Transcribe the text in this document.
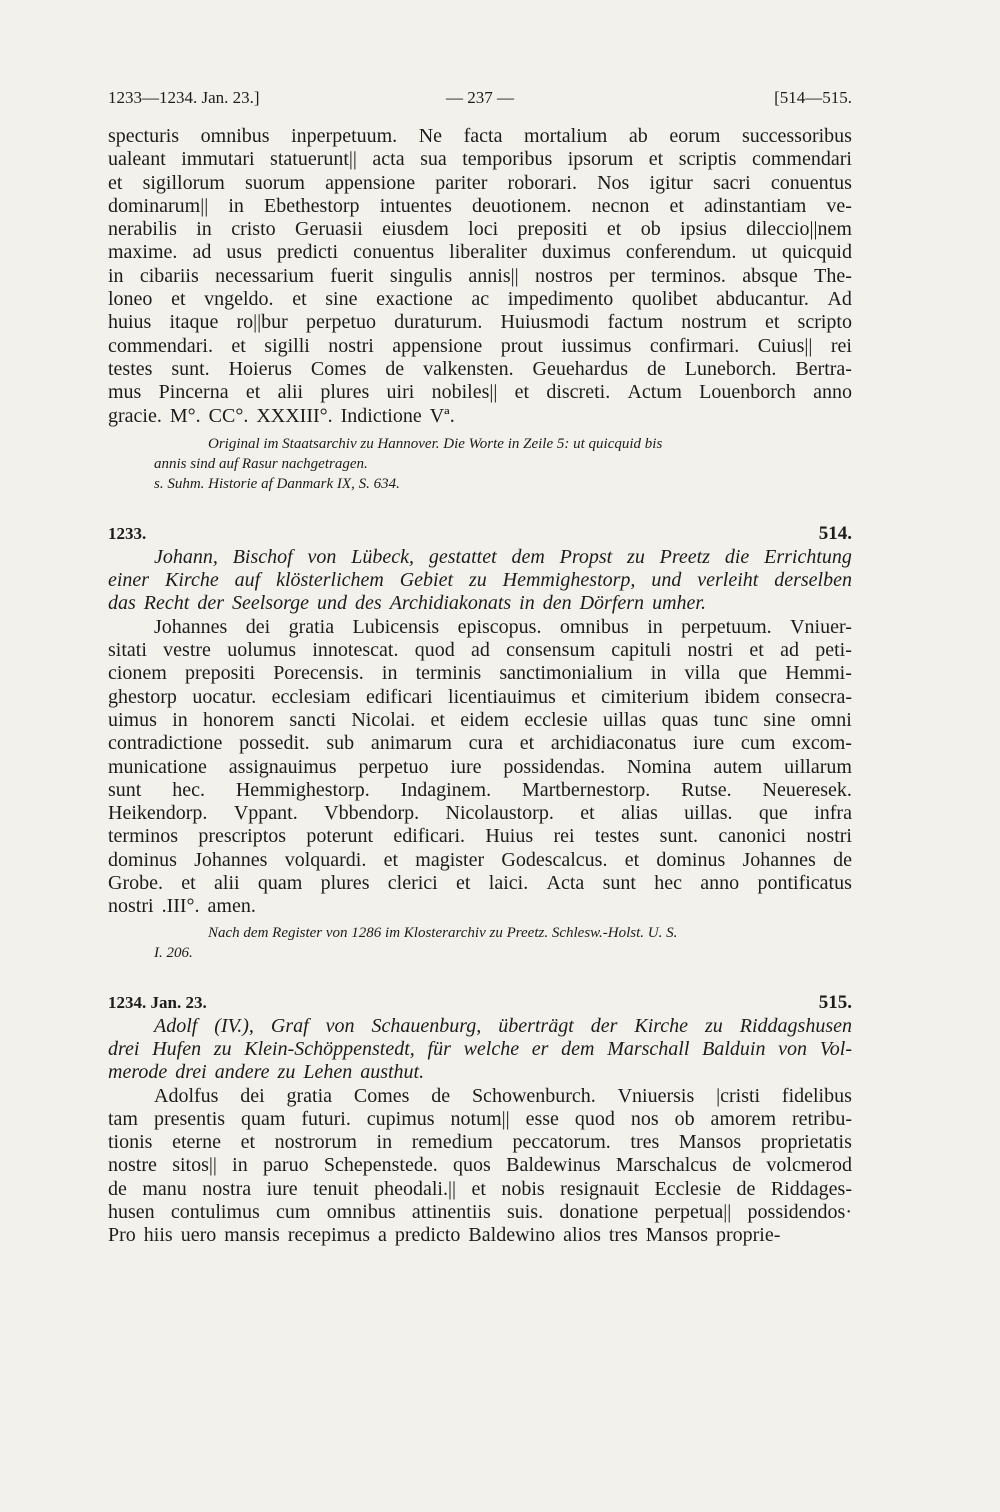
1233—1234. Jan. 23.]	— 237 —	[514—515.
specturis omnibus inperpetuum. Ne facta mortalium ab eorum successoribus
ualeant immutari statuerunt|| acta sua temporibus ipsorum et scriptis commendari
et sigillorum suorum appensione pariter roborari. Nos igitur sacri conuentus
dominarum|| in Ebethestorp intuentes deuotionem. necnon et adinstantiam ve-
nerabilis in cristo Geruasii eiusdem loci prepositi et ob ipsius dileccio||nem
maxime. ad usus predicti conuentus liberaliter duximus conferendum. ut quicquid
in cibariis necessarium fuerit singulis annis|| nostros per terminos. absque The-
loneo et vngeldo. et sine exactione ac impedimento quolibet abducantur. Ad
huius itaque ro||bur perpetuo duraturum. Huiusmodi factum nostrum et scripto
commendari. et sigilli nostri appensione prout iussimus confirmari. Cuius|| rei
testes sunt. Hoierus Comes de valkensten. Geuehardus de Luneborch. Bertra-
mus Pincerna et alii plures uiri nobiles|| et discreti. Actum Louenborch anno
gracie. M°. CC°. XXXIII°. Indictione Vª.
Original im Staatsarchiv zu Hannover. Die Worte in Zeile 5: ut quicquid bis
annis sind auf Rasur nachgetragen.
s. Suhm. Historie af Danmark IX, S. 634.
1233.	514.
Johann, Bischof von Lübeck, gestattet dem Propst zu Preetz die Errichtung
einer Kirche auf klösterlichem Gebiet zu Hemmighestorp, und verleiht derselben
das Recht der Seelsorge und des Archidiakonats in den Dörfern umher.
Johannes dei gratia Lubicensis episcopus. omnibus in perpetuum. Vniuer-
sitati vestre uolumus innotescat. quod ad consensum capituli nostri et ad peti-
cionem prepositi Porecensis. in terminis sanctimonialium in villa que Hemmi-
ghestorp uocatur. ecclesiam edificari licentiauimus et cimiterium ibidem consecra-
uimus in honorem sancti Nicolai. et eidem ecclesie uillas quas tunc sine omni
contradictione possedit. sub animarum cura et archidiaconatus iure cum excom-
municatione assignauimus perpetuo iure possidendas. Nomina autem uillarum
sunt hec. Hemmighestorp. Indaginem. Martbernestorp. Rutse. Neueresek.
Heikendorp. Vppant. Vbbendorp. Nicolaustorp. et alias uillas. que infra
terminos prescriptos poterunt edificari. Huius rei testes sunt. canonici nostri
dominus Johannes volquardi. et magister Godescalcus. et dominus Johannes de
Grobe. et alii quam plures clerici et laici. Acta sunt hec anno pontificatus
nostri .III°. amen.
Nach dem Register von 1286 im Klosterarchiv zu Preetz. Schlesw.-Holst. U. S.
I. 206.
1234. Jan. 23.	515.
Adolf (IV.), Graf von Schauenburg, überträgt der Kirche zu Riddagshusen
drei Hufen zu Klein-Schöppenstedt, für welche er dem Marschall Balduin von Vol-
merode drei andere zu Lehen austhut.
Adolfus dei gratia Comes de Schowenburch. Vniuersis |cristi fidelibus
tam presentis quam futuri. cupimus notum|| esse quod nos ob amorem retribu-
tionis eterne et nostrorum in remedium peccatorum. tres Mansos proprietatis
nostre sitos|| in paruo Schepenstede. quos Baldewinus Marschalcus de volcmerod
de manu nostra iure tenuit pheodali.|| et nobis resignauit Ecclesie de Riddages-
husen contulimus cum omnibus attinentiis suis. donatione perpetua|| possidendos·
Pro hiis uero mansis recepimus a predicto Baldewino alios tres Mansos proprie-
